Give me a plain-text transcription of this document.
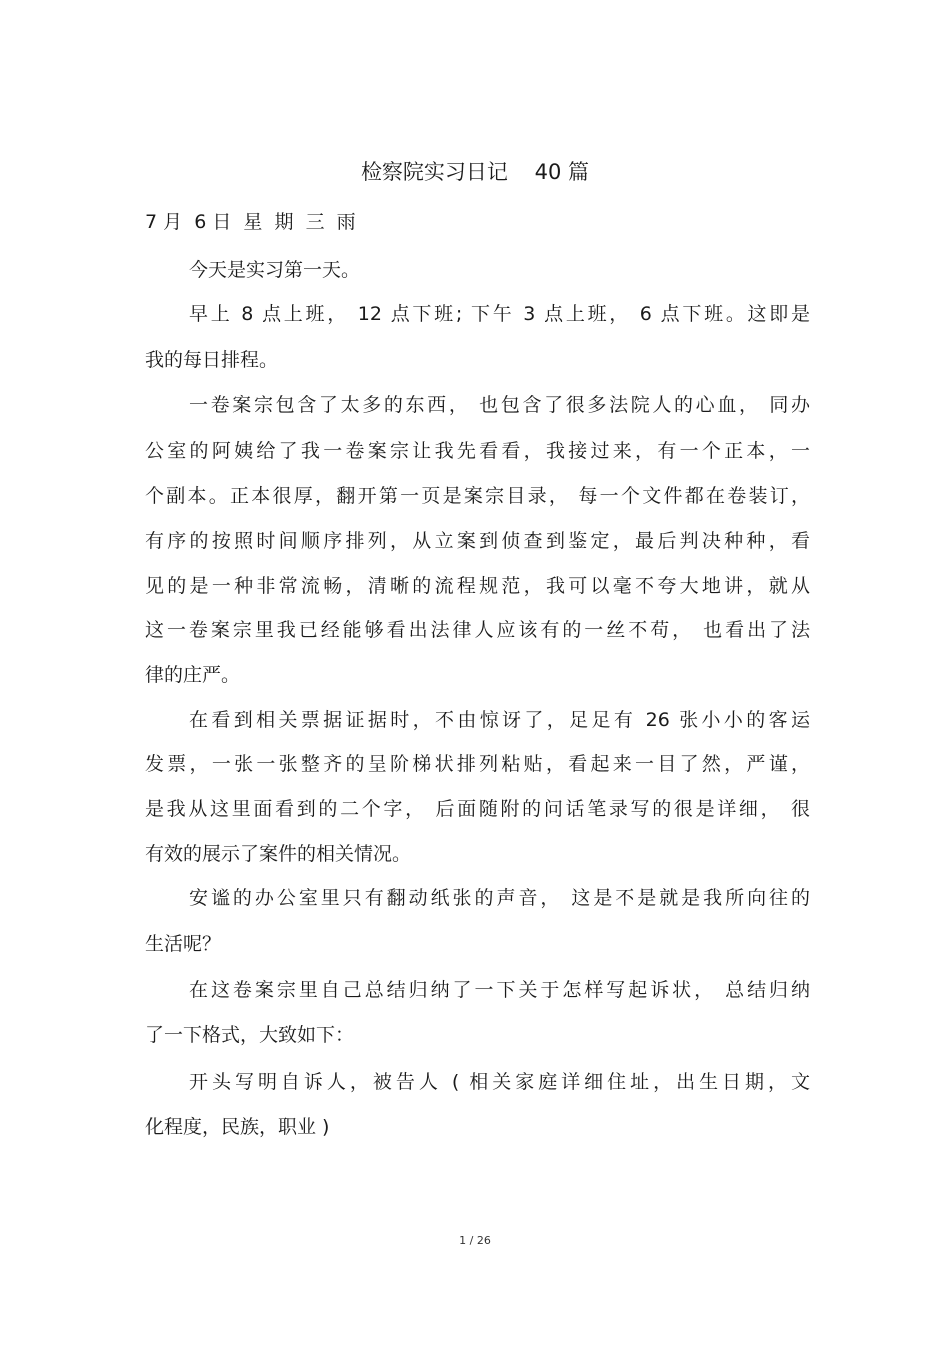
检察院实习日记    40 篇
7 月  6 日  星  期  三  雨
今天是实习第一天。
早上 8 点上班， 12 点下班; 下午 3 点上班， 6 点下班。这即是
我的每日排程。
一卷案宗包含了太多的东西， 也包含了很多法院人的心血， 同办
公室的阿姨给了我一卷案宗让我先看看，我接过来，有一个正本，一
个副本。正本很厚，翻开第一页是案宗目录， 每一个文件都在卷装订，
有序的按照时间顺序排列，从立案到侦查到鉴定，最后判决种种，看
见的是一种非常流畅，清晰的流程规范，我可以毫不夸大地讲，就从
这一卷案宗里我已经能够看出法律人应该有的一丝不苟， 也看出了法
律的庄严。
在看到相关票据证据时，不由惊讶了，足足有 26 张小小的客运
发票，一张一张整齐的呈阶梯状排列粘贴，看起来一目了然，严谨，
是我从这里面看到的二个字， 后面随附的问话笔录写的很是详细， 很
有效的展示了案件的相关情况。
安谧的办公室里只有翻动纸张的声音， 这是不是就是我所向往的
生活呢？
在这卷案宗里自己总结归纳了一下关于怎样写起诉状， 总结归纳
了一下格式，大致如下：
开头写明自诉人，被告人 ( 相关家庭详细住址，出生日期，文
化程度，民族，职业 )
1 / 26
